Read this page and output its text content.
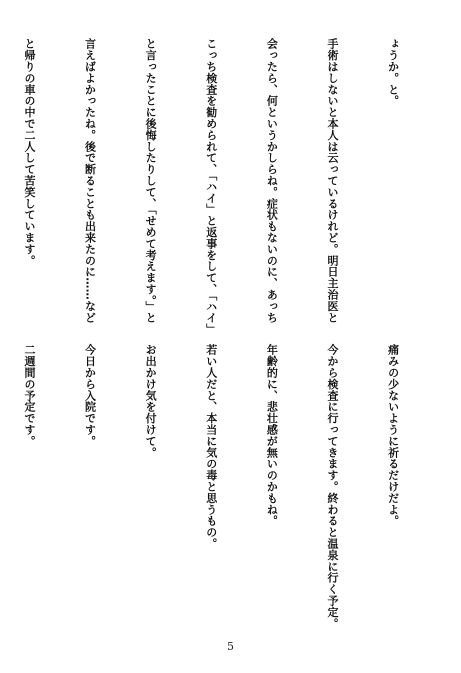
ょうか。と。

手術はしないと本人は云っているけれど。明日主治医と

会ったら、何というかしらね。症状もないのに、あっち

こっち検査を勧められて、「ハイ」と返事をして、「ハイ」

と言ったことに後悔したりして、「せめて考えます。」と

言えばよかったね。後で断ることも出来たのに……など

と帰りの車の中で二人して苦笑しています。

痛みの少ないように祈るだけだよ。

今から検査に行ってきます。終わると温泉に行く予定。

年齢的に、悲壮感が無いのかもね。

若い人だと、本当に気の毒と思うもの。

お出かけ気を付けて。

今日から入院です。

二週間の予定です。

5
